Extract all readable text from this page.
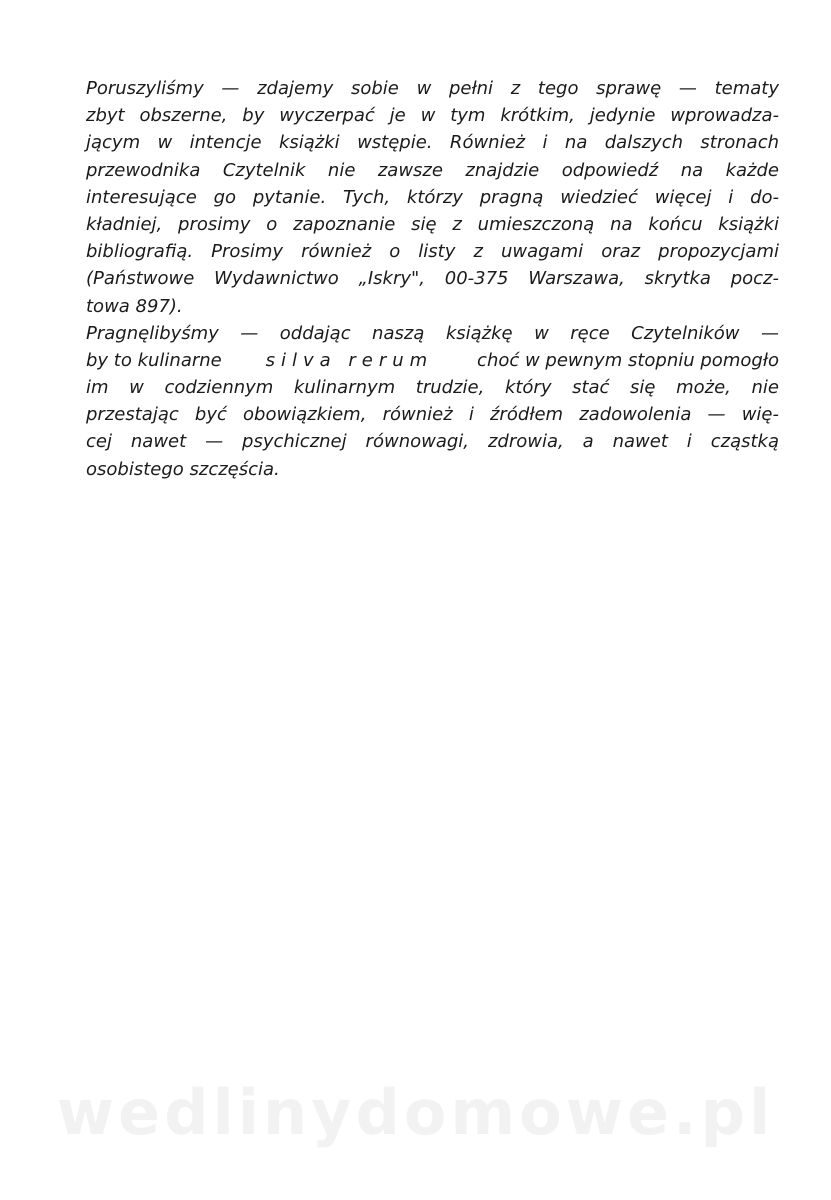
Poruszyliśmy — zdajemy sobie w pełni z tego sprawę — tematy
zbyt obszerne, by wyczerpać je w tym krótkim, jedynie wprowadza-
jącym w intencje książki wstępie. Również i na dalszych stronach
przewodnika Czytelnik nie zawsze znajdzie odpowiedź na każde
interesujące go pytanie. Tych, którzy pragną wiedzieć więcej i do-
kładniej, prosimy o zapoznanie się z umieszczoną na końcu książki
bibliografią. Prosimy również o listy z uwagami oraz propozycjami
(Państwowe Wydawnictwo „Iskry", 00-375 Warszawa, skrytka pocz-
towa 897).
Pragnęlibyśmy — oddając naszą książkę w ręce Czytelników —
by to kulinarne silva rerum choć w pewnym stopniu pomogło
im w codziennym kulinarnym trudzie, który stać się może, nie
przestając być obowiązkiem, również i źródłem zadowolenia — wię-
cej nawet — psychicznej równowagi, zdrowia, a nawet i cząstką
osobistego szczęścia.
wedlinydomowe.pl
